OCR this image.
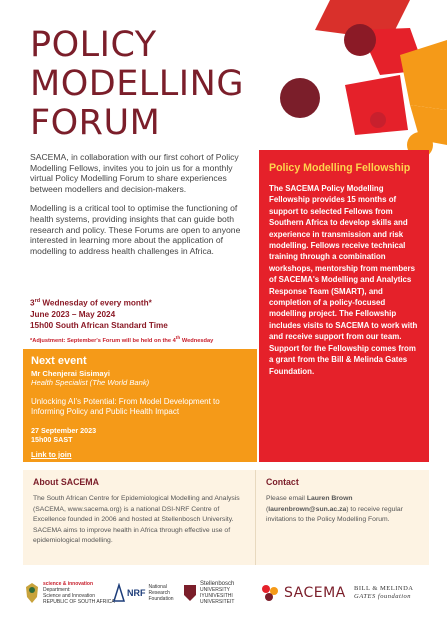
POLICY
MODELLING
FORUM

SACEMA, in collaboration with our first cohort of Policy Modelling Fellows, invites you to join us for a monthly virtual Policy Modelling Forum to share experiences between modellers and decision-makers.

Modelling is a critical tool to optimise the functioning of health systems, providing insights that can guide both research and policy. These Forums are open to anyone interested in learning more about the application of modelling to address health challenges in Africa.

3rd Wednesday of every month*
June 2023 – May 2024
15h00 South African Standard Time
*Adjustment: September's Forum will be held on the 4th Wednesday
Next event
Mr Chenjerai Sisimayi
Health Specialist (The World Bank)
Unlocking AI's Potential: From Model Development to Informing Policy and Public Health Impact
27 September 2023
15h00 SAST
Link to join
Policy Modelling Fellowship
The SACEMA Policy Modelling Fellowship provides 15 months of support to selected Fellows from Southern Africa to develop skills and experience in transmission and risk modelling. Fellows receive technical training through a combination workshops, mentorship from members of SACEMA's Modelling and Analytics Response Team (SMART), and completion of a policy-focused modelling project. The Fellowship includes visits to SACEMA to work with and receive support from our team. Support for the Fellowship comes from a grant from the Bill & Melinda Gates Foundation.
About SACEMA
The South African Centre for Epidemiological Modelling and Analysis (SACEMA, www.sacema.org) is a national DSI-NRF Centre of Excellence founded in 2006 and hosted at Stellenbosch University. SACEMA aims to improve health in Africa through effective use of epidemiological modelling.
Contact
Please email Lauren Brown
(laurenbrown@sun.ac.za) to receive regular invitations to the Policy Modelling Forum.
science & innovation
Department:
Science and Innovation
REPUBLIC OF SOUTH AFRICA
NRF
National
Research
Foundation
Stellenbosch
UNIVERSITY
IYUNIVESITHI
UNIVERSITEIT
SACEMA BILL & MELINDA
GATES foundation
